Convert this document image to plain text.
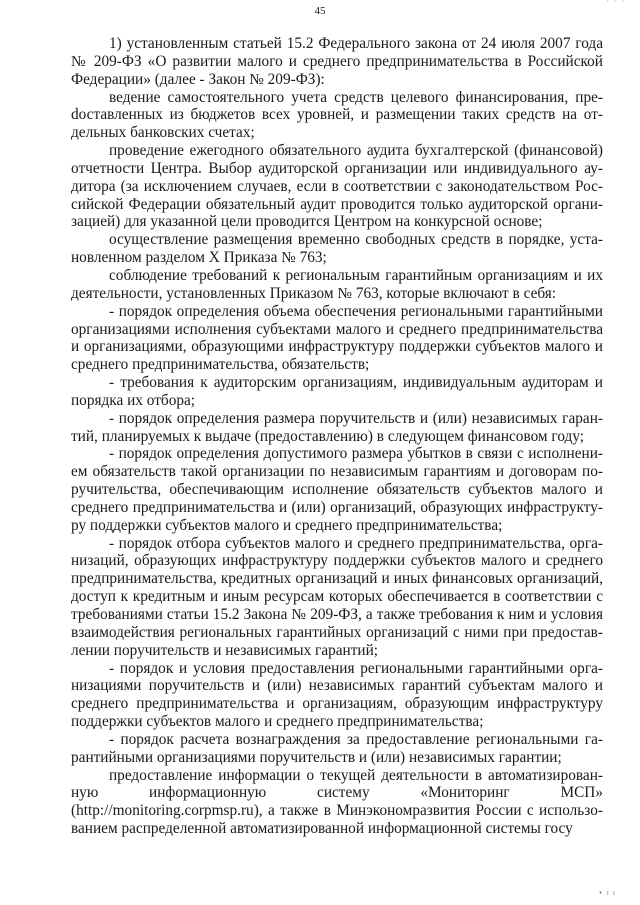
˙ ˙ ˙
45

1) установленным статьей 15.2 Федерального закона от 24 июля 2007 года № 209-ФЗ «О развитии малого и среднего предпринимательства в Российской Федерации» (далее - Закон № 209-ФЗ):

ведение самостоятельного учета средств целевого финансирования, преdоставленных из бюджетов всех уровней, и размещении таких средств на отдельных банковских счетах;

проведение ежегодного обязательного аудита бухгалтерской (финансовой) отчетности Центра. Выбор аудиторской организации или индивидуального аудитора (за исключением случаев, если в соответствии с законодательством Российской Федерации обязательный аудит проводится только аудиторской организацией) для указанной цели проводится Центром на конкурсной основе;

осуществление размещения временно свободных средств в порядке, установленном разделом X Приказа № 763;

соблюдение требований к региональным гарантийным организациям и их деятельности, установленных Приказом № 763, которые включают в себя:

- порядок определения объема обеспечения региональными гарантийными организациями исполнения субъектами малого и среднего предпринимательства и организациями, образующими инфраструктуру поддержки субъектов малого и среднего предпринимательства, обязательств;

- требования к аудиторским организациям, индивидуальным аудиторам и порядка их отбора;

- порядок определения размера поручительств и (или) независимых гарантий, планируемых к выдаче (предоставлению) в следующем финансовом году;

- порядок определения допустимого размера убытков в связи с исполнением обязательств такой организации по независимым гарантиям и договорам поручительства, обеспечивающим исполнение обязательств субъектов малого и среднего предпринимательства и (или) организаций, образующих инфраструктуру поддержки субъектов малого и среднего предпринимательства;

- порядок отбора субъектов малого и среднего предпринимательства, организаций, образующих инфраструктуру поддержки субъектов малого и среднего предпринимательства, кредитных организаций и иных финансовых организаций, доступ к кредитным и иным ресурсам которых обеспечивается в соответствии с требованиями статьи 15.2 Закона № 209-ФЗ, а также требования к ним и условия взаимодействия региональных гарантийных организаций с ними при предоставлении поручительств и независимых гарантий;

- порядок и условия предоставления региональными гарантийными организациями поручительств и (или) независимых гарантий субъектам малого и среднего предпринимательства и организациям, образующим инфраструктуру поддержки субъектов малого и среднего предпринимательства;

- порядок расчета вознаграждения за предоставление региональными гарантийными организациями поручительств и (или) независимых гарантии;

предоставление информации о текущей деятельности в автоматизированную информационную систему «Мониторинг МСП» (http://monitoring.corpmsp.ru), а также в Минэкономразвития России с использованием распределенной автоматизированной информационной системы госу

• ı ı
